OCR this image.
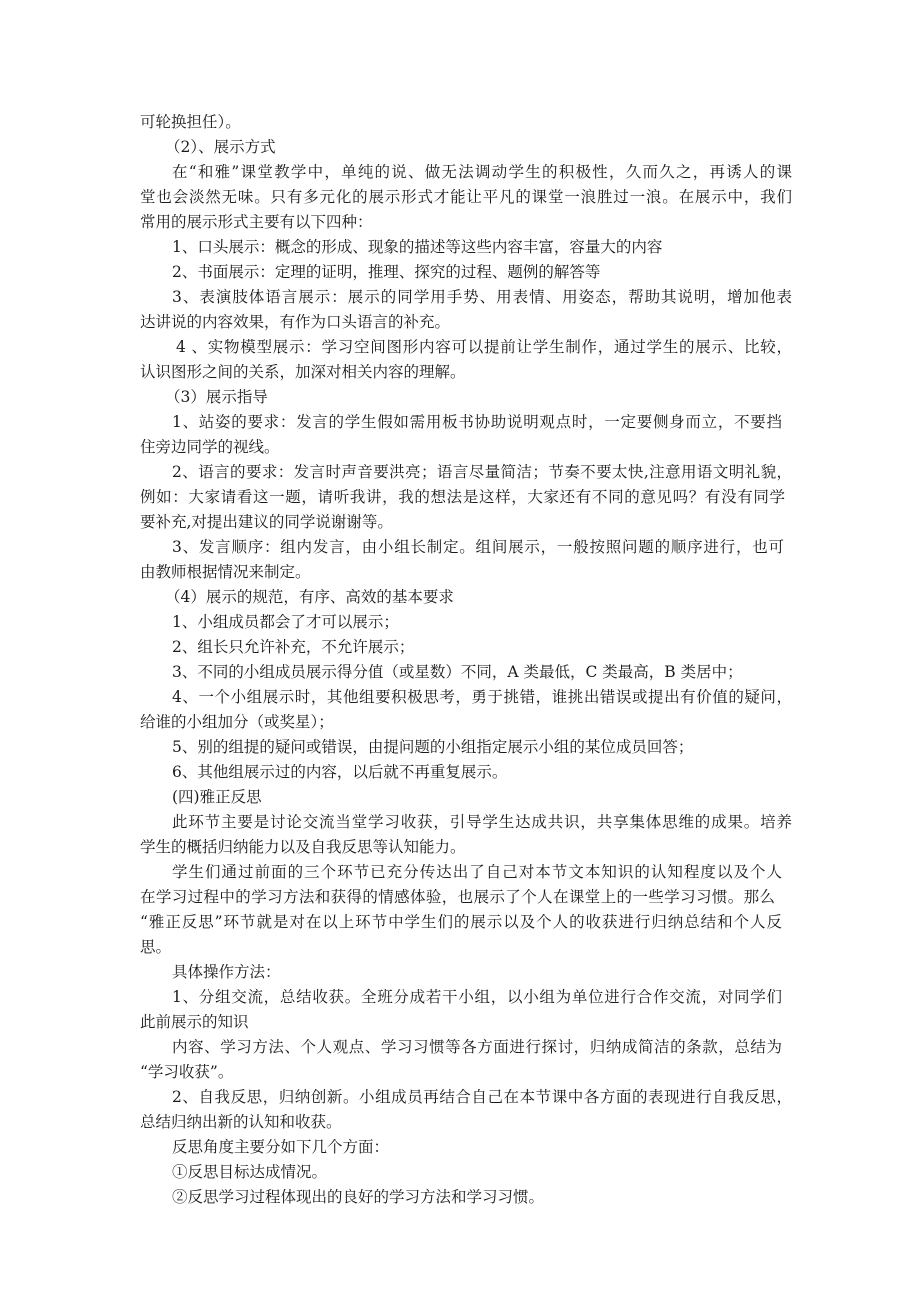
可轮换担任）。
（2）、展示方式
在“和雅”课堂教学中，单纯的说、做无法调动学生的积极性，久而久之，再诱人的课
堂也会淡然无味。只有多元化的展示形式才能让平凡的课堂一浪胜过一浪。在展示中，我们
常用的展示形式主要有以下四种：
1、口头展示：概念的形成、现象的描述等这些内容丰富，容量大的内容
2、书面展示：定理的证明，推理、探究的过程、题例的解答等
3、表演肢体语言展示：展示的同学用手势、用表情、用姿态，帮助其说明，增加他表
达讲说的内容效果，有作为口头语言的补充。
4 、实物模型展示：学习空间图形内容可以提前让学生制作，通过学生的展示、比较，
认识图形之间的关系，加深对相关内容的理解。
（3）展示指导
1、站姿的要求：发言的学生假如需用板书协助说明观点时，一定要侧身而立，不要挡
住旁边同学的视线。
2、语言的要求：发言时声音要洪亮；语言尽量简洁；节奏不要太快,注意用语文明礼貌，
例如：大家请看这一题，请听我讲，我的想法是这样，大家还有不同的意见吗？有没有同学
要补充,对提出建议的同学说谢谢等。
3、发言顺序：组内发言，由小组长制定。组间展示，一般按照问题的顺序进行，也可
由教师根据情况来制定。
（4）展示的规范，有序、高效的基本要求
1、小组成员都会了才可以展示；
2、组长只允许补充，不允许展示；
3、不同的小组成员展示得分值（或星数）不同，A 类最低，C 类最高，B 类居中；
4、一个小组展示时，其他组要积极思考，勇于挑错，谁挑出错误或提出有价值的疑问，
给谁的小组加分（或奖星）；
5、别的组提的疑问或错误，由提问题的小组指定展示小组的某位成员回答；
6、其他组展示过的内容，以后就不再重复展示。
(四)雅正反思
此环节主要是讨论交流当堂学习收获，引导学生达成共识，共享集体思维的成果。培养
学生的概括归纳能力以及自我反思等认知能力。
学生们通过前面的三个环节已充分传达出了自己对本节文本知识的认知程度以及个人
在学习过程中的学习方法和获得的情感体验，也展示了个人在课堂上的一些学习习惯。那么
“雅正反思”环节就是对在以上环节中学生们的展示以及个人的收获进行归纳总结和个人反
思。
具体操作方法：
1、分组交流，总结收获。全班分成若干小组，以小组为单位进行合作交流，对同学们
此前展示的知识
内容、学习方法、个人观点、学习习惯等各方面进行探讨，归纳成简洁的条款，总结为
“学习收获”。
2、自我反思，归纳创新。小组成员再结合自己在本节课中各方面的表现进行自我反思，
总结归纳出新的认知和收获。
反思角度主要分如下几个方面：
①反思目标达成情况。
②反思学习过程体现出的良好的学习方法和学习习惯。
